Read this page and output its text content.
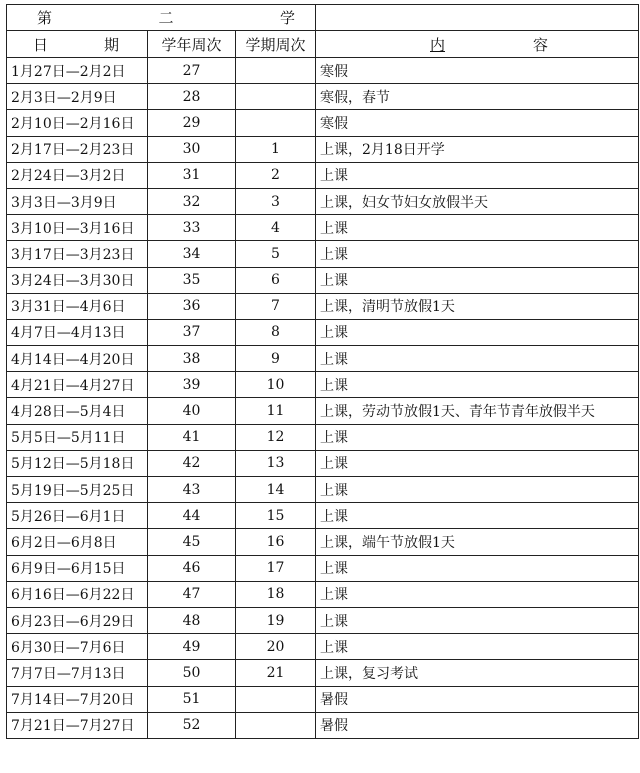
第 二 学			

日 期	学年周次	学期周次	内 容

1月27日—2月2日	27		寒假
2月3日—2月9日	28		寒假，春节
2月10日—2月16日	29		寒假
2月17日—2月23日	30	1	上课，2月18日开学
2月24日—3月2日	31	2	上课
3月3日—3月9日	32	3	上课，妇女节妇女放假半天
3月10日—3月16日	33	4	上课
3月17日—3月23日	34	5	上课
3月24日—3月30日	35	6	上课
3月31日—4月6日	36	7	上课，清明节放假1天
4月7日—4月13日	37	8	上课
4月14日—4月20日	38	9	上课
4月21日—4月27日	39	10	上课
4月28日—5月4日	40	11	上课，劳动节放假1天、青年节青年放假半天
5月5日—5月11日	41	12	上课
5月12日—5月18日	42	13	上课
5月19日—5月25日	43	14	上课
5月26日—6月1日	44	15	上课
6月2日—6月8日	45	16	上课，端午节放假1天
6月9日—6月15日	46	17	上课
6月16日—6月22日	47	18	上课
6月23日—6月29日	48	19	上课
6月30日—7月6日	49	20	上课
7月7日—7月13日	50	21	上课，复习考试
7月14日—7月20日	51		暑假
7月21日—7月27日	52		暑假
